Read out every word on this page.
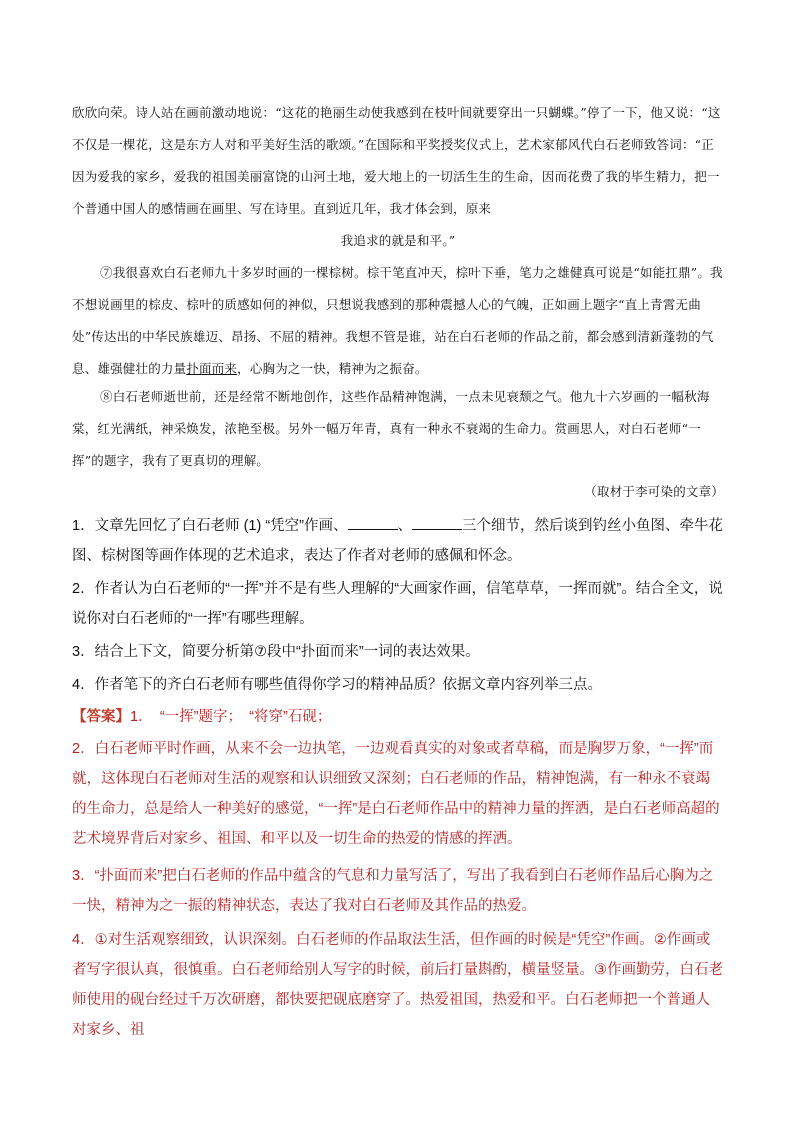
欣欣向荣。诗人站在画前激动地说：“这花的艳丽生动使我感到在枝叶间就要穿出一只蝴蝶。”停了一下，他又说：“这不仅是一棵花，这是东方人对和平美好生活的歌颂。”在国际和平奖授奖仪式上，艺术家郁风代白石老师致答词：“正因为爱我的家乡，爱我的祖国美丽富饶的山河土地，爱大地上的一切活生生的生命，因而花费了我的毕生精力，把一个普通中国人的感情画在画里、写在诗里。直到近几年，我才体会到，原来

我追求的就是和平。”

⑦我很喜欢白石老师九十多岁时画的一棵棕树。棕干笔直冲天，棕叶下垂，笔力之雄健真可说是“如能扛鼎”。我不想说画里的棕皮、棕叶的质感如何的神似，只想说我感到的那种震撼人心的气魄，正如画上题字“直上青霄无曲处”传达出的中华民族雄迈、昂扬、不屈的精神。我想不管是谁，站在白石老师的作品之前，都会感到清新蓬勃的气息、雄强健壮的力量扑面而来，心胸为之一快，精神为之振奋。

⑧白石老师逝世前，还是经常不断地创作，这些作品精神饱满，一点未见衰颓之气。他九十六岁画的一幅秋海棠，红光满纸，神采焕发，浓艳至极。另外一幅万年青，真有一种永不衰竭的生命力。赏画思人，对白石老师“一挥”的题字，我有了更真切的理解。

（取材于李可染的文章）

1．文章先回忆了白石老师 (1) “凭空”作画、	、	三个细节，然后谈到钓丝小鱼图、牵牛花图、棕树图等画作体现的艺术追求，表达了作者对老师的感佩和怀念。

2．作者认为白石老师的“一挥”并不是有些人理解的“大画家作画，信笔草草，一挥而就”。结合全文，说说你对白石老师的“一挥”有哪些理解。

3．结合上下文，简要分析第⑦段中“扑面而来”一词的表达效果。

4．作者笔下的齐白石老师有哪些值得你学习的精神品质？依据文章内容列举三点。

【答案】1．　“一挥”题字；　“将穿”石砚；

2．白石老师平时作画，从来不会一边执笔，一边观看真实的对象或者草稿，而是胸罗万象，“一挥”而就，这体现白石老师对生活的观察和认识细致又深刻；白石老师的作品，精神饱满，有一种永不衰竭的生命力，总是给人一种美好的感觉，“一挥”是白石老师作品中的精神力量的挥洒，是白石老师高超的艺术境界背后对家乡、祖国、和平以及一切生命的热爱的情感的挥洒。

3．“扑面而来”把白石老师的作品中蕴含的气息和力量写活了，写出了我看到白石老师作品后心胸为之一快，精神为之一振的精神状态，表达了我对白石老师及其作品的热爱。

4．①对生活观察细致，认识深刻。白石老师的作品取法生活，但作画的时候是“凭空”作画。②作画或者写字很认真，很慎重。白石老师给别人写字的时候，前后打量斟酌，横量竖量。③作画勤劳，白石老师使用的砚台经过千万次研磨，都快要把砚底磨穿了。热爱祖国，热爱和平。白石老师把一个普通人对家乡、祖
